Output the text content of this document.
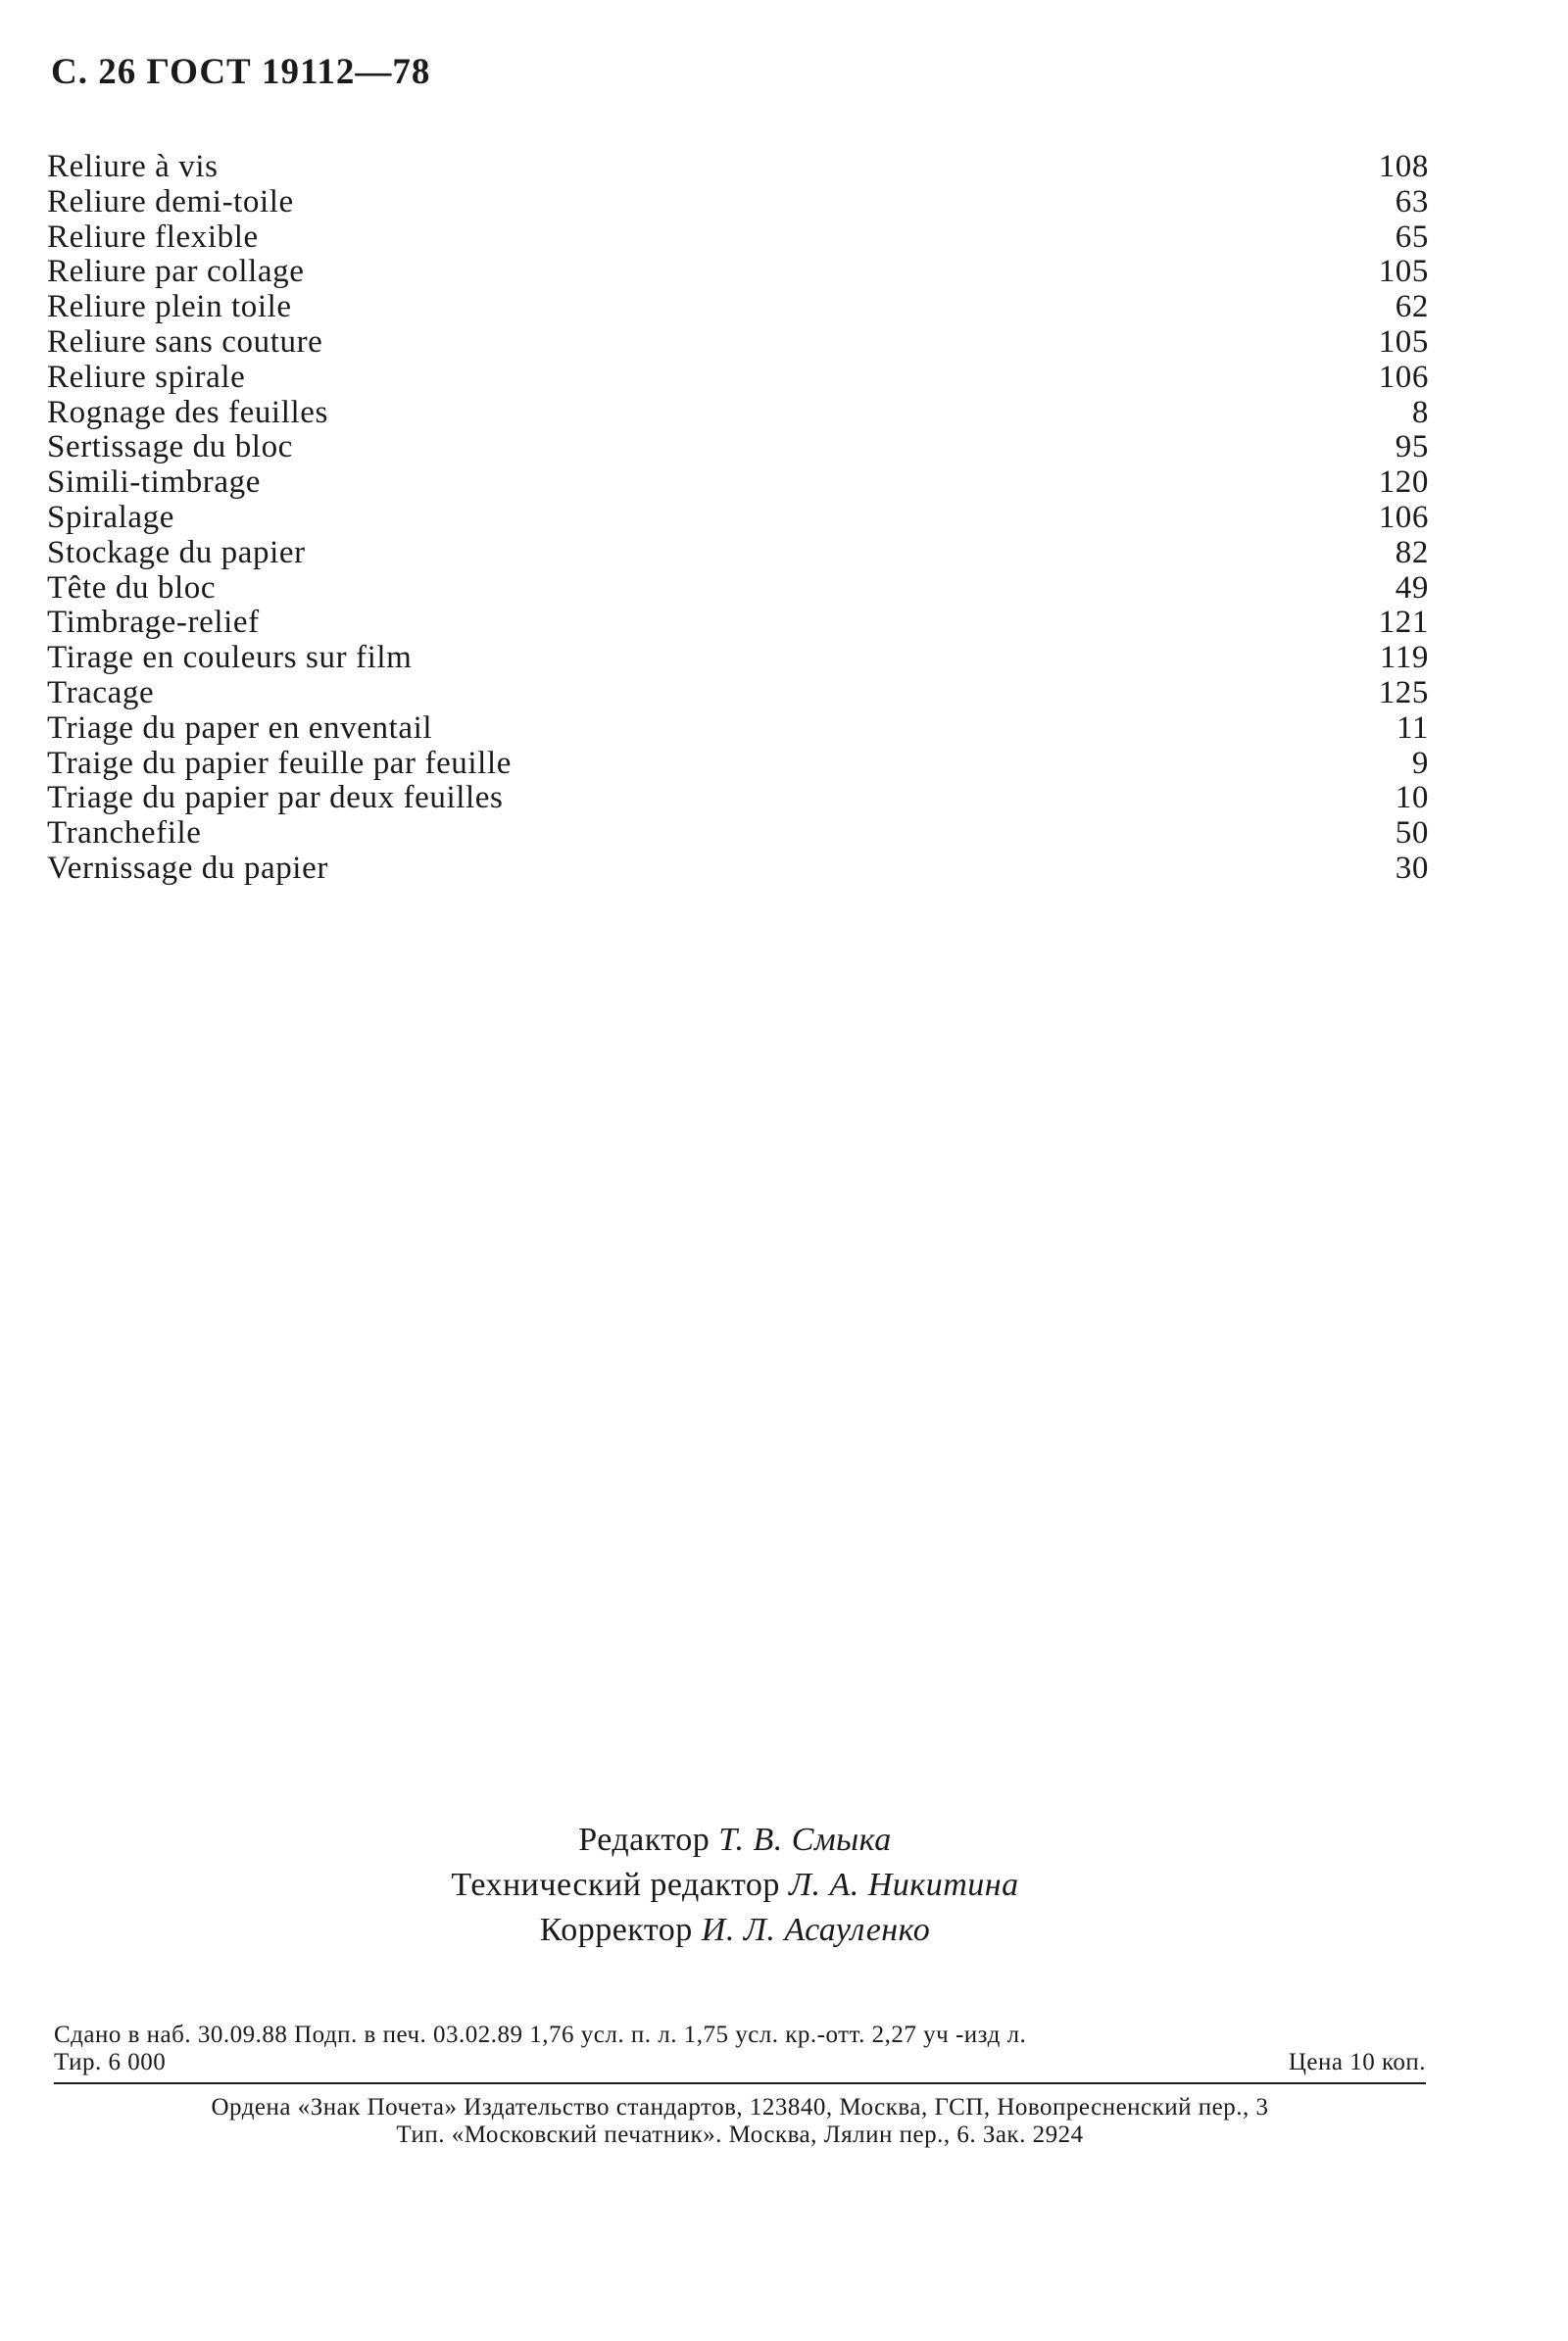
С. 26 ГОСТ 19112—78
Reliure à vis	108
Reliure demi-toile	63
Reliure flexible	65
Reliure par collage	105
Reliure plein toile	62
Reliure sans couture	105
Reliure spirale	106
Rognage des feuilles	8
Sertissage du bloc	95
Simili-timbrage	120
Spiralage	106
Stockage du papier	82
Tête du bloc	49
Timbrage-relief	121
Tirage en couleurs sur film	119
Tracage	125
Triage du paper en enventail	11
Traige du papier feuille par feuille	9
Triage du papier par deux feuilles	10
Tranchefile	50
Vernissage du papier	30
Редактор Т. В. Смыка
Технический редактор Л. А. Никитина
Корректор И. Л. Асауленко
Сдано в наб. 30.09.88 Подп. в печ. 03.02.89 1,76 усл. п. л. 1,75 усл. кр.-отт. 2,27 уч -изд л.
Тир. 6 000	Цена 10 коп.
Ордена «Знак Почета» Издательство стандартов, 123840, Москва, ГСП, Новопресненский пер., 3
Тип. «Московский печатник». Москва, Лялин пер., 6. Зак. 2924
